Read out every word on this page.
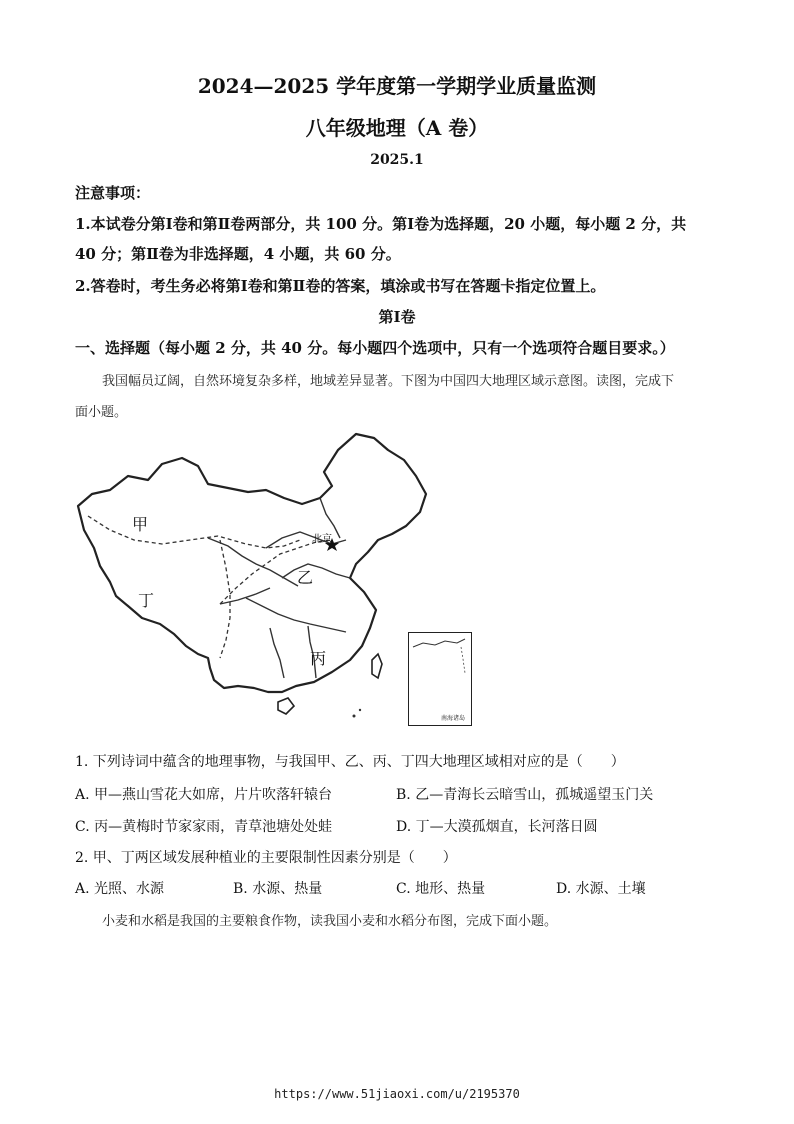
2024—2025 学年度第一学期学业质量监测
八年级地理（A 卷）
2025.1
注意事项：
1.本试卷分第Ⅰ卷和第Ⅱ卷两部分，共 100 分。第Ⅰ卷为选择题，20 小题，每小题 2 分，共
40 分；第Ⅱ卷为非选择题，4 小题，共 60 分。
2.答卷时，考生务必将第Ⅰ卷和第Ⅱ卷的答案，填涂或书写在答题卡指定位置上。
第Ⅰ卷
一、选择题（每小题 2 分，共 40 分。每小题四个选项中，只有一个选项符合题目要求。）
我国幅员辽阔，自然环境复杂多样，地域差异显著。下图为中国四大地理区域示意图。读图，完成下
面小题。
甲
乙
丙
丁
北京
南海诸岛
1. 下列诗词中蕴含的地理事物，与我国甲、乙、丙、丁四大地理区域相对应的是（　　）
A. 甲—燕山雪花大如席，片片吹落轩辕台	B. 乙—青海长云暗雪山，孤城遥望玉门关
C. 丙—黄梅时节家家雨，青草池塘处处蛙	D. 丁—大漠孤烟直，长河落日圆
2. 甲、丁两区域发展种植业的主要限制性因素分别是（　　）
A. 光照、水源	B. 水源、热量	C. 地形、热量	D. 水源、土壤
小麦和水稻是我国的主要粮食作物，读我国小麦和水稻分布图，完成下面小题。
https://www.51jiaoxi.com/u/2195370
